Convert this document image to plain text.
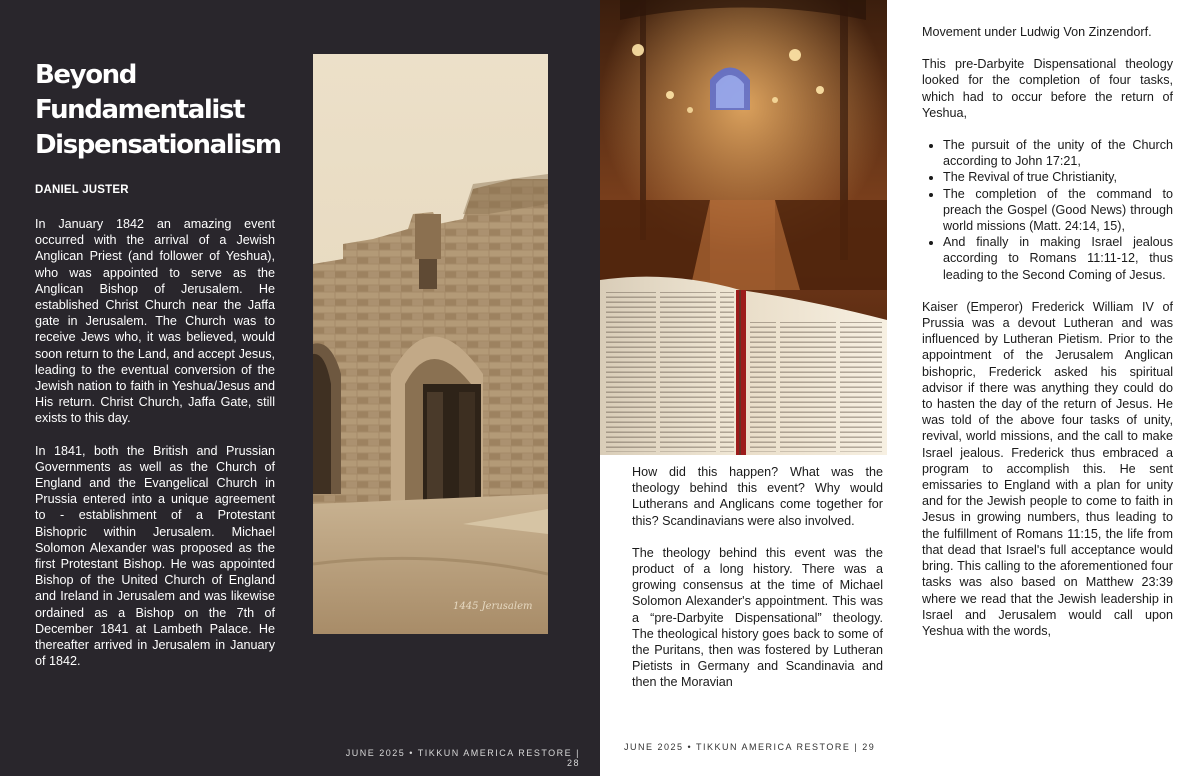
Beyond Fundamentalist Dispensationalism
DANIEL JUSTER

In January 1842 an amazing event occurred with the arrival of a Jewish Anglican Priest (and follower of Yeshua), who was appointed to serve as the Anglican Bishop of Jerusalem. He established Christ Church near the Jaffa gate in Jerusalem. The Church was to receive Jews who, it was believed, would soon return to the Land, and accept Jesus, leading to the eventual conversion of the Jewish nation to faith in Yeshua/Jesus and His return. Christ Church, Jaffa Gate, still exists to this day.

In 1841, both the British and Prussian Governments as well as the Church of England and the Evangelical Church in Prussia entered into a unique agreement to - establishment of a Protestant Bishopric within Jerusalem. Michael Solomon Alexander was proposed as the first Protestant Bishop. He was appointed Bishop of the United Church of England and Ireland in Jerusalem and was likewise ordained as a Bishop on the 7th of December 1841 at Lambeth Palace. He thereafter arrived in Jerusalem in January of 1842.

1445 Jerusalem
JUNE 2025 • TIKKUN AMERICA RESTORE | 28

How did this happen? What was the theology behind this event? Why would Lutherans and Anglicans come together for this? Scandinavians were also involved.

The theology behind this event was the product of a long history. There was a growing consensus at the time of Michael Solomon Alexander's appointment. This was a “pre-Darbyite Dispensational” theology. The theological history goes back to some of the Puritans, then was fostered by Lutheran Pietists in Germany and Scandinavia and then the Moravian

Movement under Ludwig Von Zinzendorf.

This pre-Darbyite Dispensational theology looked for the completion of four tasks, which had to occur before the return of Yeshua,

• The pursuit of the unity of the Church according to John 17:21,
• The Revival of true Christianity,
• The completion of the command to preach the Gospel (Good News) through world missions (Matt. 24:14, 15),
• And finally in making Israel jealous according to Romans 11:11-12, thus leading to the Second Coming of Jesus.

Kaiser (Emperor) Frederick William IV of Prussia was a devout Lutheran and was influenced by Lutheran Pietism. Prior to the appointment of the Jerusalem Anglican bishopric, Frederick asked his spiritual advisor if there was anything they could do to hasten the day of the return of Jesus. He was told of the above four tasks of unity, revival, world missions, and the call to make Israel jealous. Frederick thus embraced a program to accomplish this. He sent emissaries to England with a plan for unity and for the Jewish people to come to faith in Jesus in growing numbers, thus leading to the fulfillment of Romans 11:15, the life from that dead that Israel's full acceptance would bring. This calling to the aforementioned four tasks was also based on Matthew 23:39 where we read that the Jewish leadership in Israel and Jerusalem would call upon Yeshua with the words,

JUNE 2025 • TIKKUN AMERICA RESTORE | 29
